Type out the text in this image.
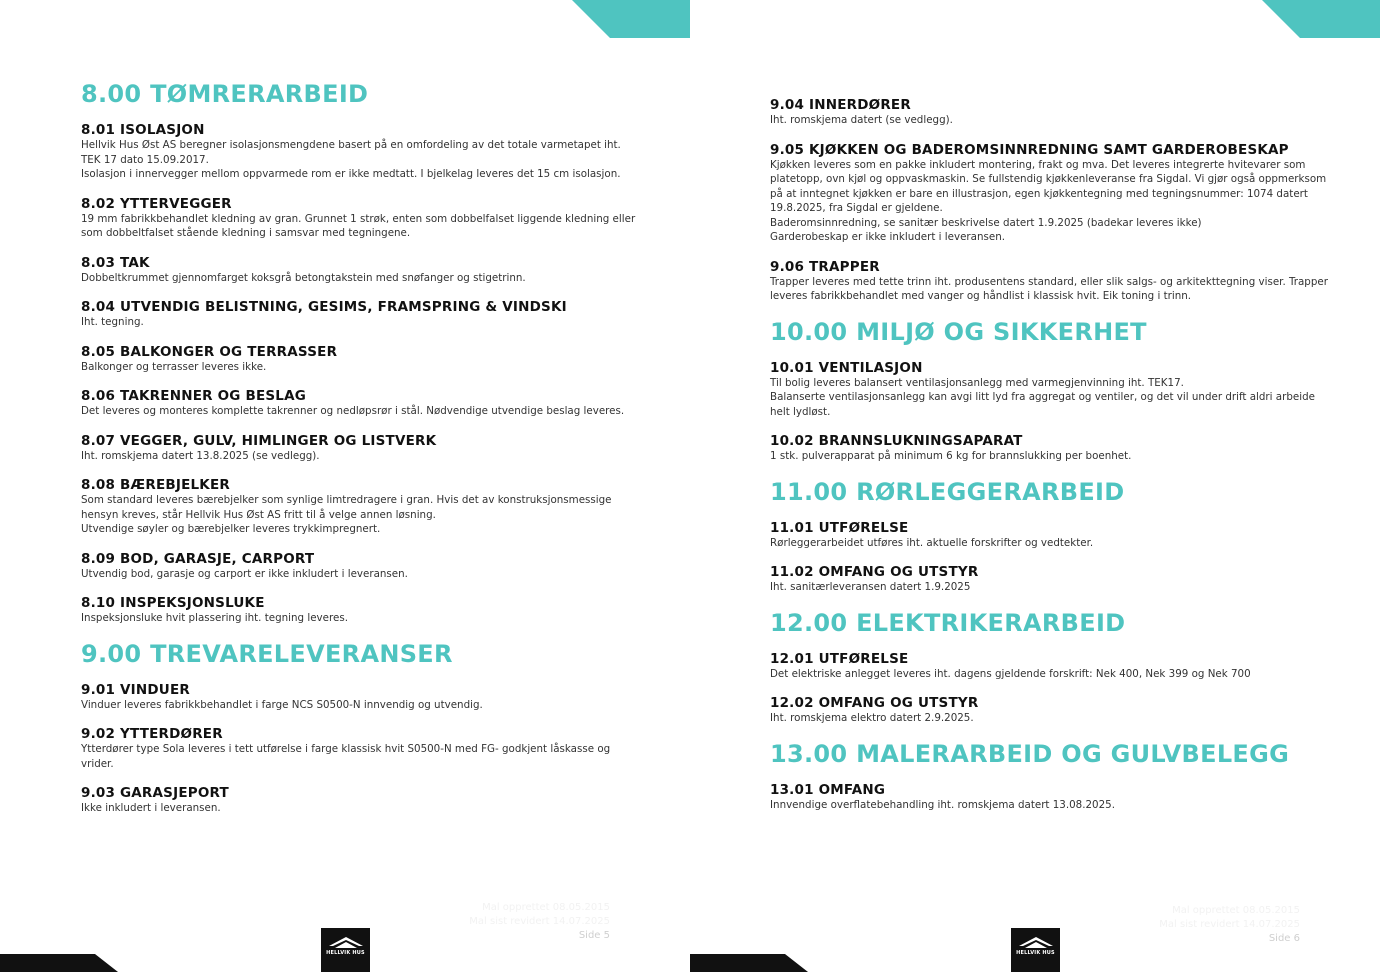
8.00 TØMRERARBEID
8.01 ISOLASJON
Hellvik Hus Øst AS beregner isolasjonsmengdene basert på en omfordeling av det totale varmetapet iht. TEK 17 dato 15.09.2017.
Isolasjon i innervegger mellom oppvarmede rom er ikke medtatt. I bjelkelag leveres det 15 cm isolasjon.
8.02 YTTERVEGGER
19 mm fabrikkbehandlet kledning av gran. Grunnet 1 strøk, enten som dobbelfalset liggende kledning eller som dobbeltfalset stående kledning i samsvar med tegningene.
8.03 TAK
Dobbeltkrummet gjennomfarget koksgrå betongtakstein med snøfanger og stigetrinn.
8.04 UTVENDIG BELISTNING, GESIMS, FRAMSPRING & VINDSKI
Iht. tegning.
8.05 BALKONGER OG TERRASSER
Balkonger og terrasser leveres ikke.
8.06 TAKRENNER OG BESLAG
Det leveres og monteres komplette takrenner og nedløpsrør i stål. Nødvendige utvendige beslag leveres.
8.07 VEGGER, GULV, HIMLINGER OG LISTVERK
Iht. romskjema datert 13.8.2025 (se vedlegg).
8.08 BÆREBJELKER
Som standard leveres bærebjelker som synlige limtredragere i gran. Hvis det av konstruksjonsmessige hensyn kreves, står Hellvik Hus Øst AS fritt til å velge annen løsning.
Utvendige søyler og bærebjelker leveres trykkimpregnert.
8.09 BOD, GARASJE, CARPORT
Utvendig bod, garasje og carport er ikke inkludert i leveransen.
8.10 INSPEKSJONSLUKE
Inspeksjonsluke hvit plassering iht. tegning leveres.
9.00 TREVARELEVERANSER
9.01 VINDUER
Vinduer leveres fabrikkbehandlet i farge NCS S0500-N innvendig og utvendig.
9.02 YTTERDØRER
Ytterdører type Sola leveres i tett utførelse i farge klassisk hvit S0500-N med FG- godkjent låskasse og vrider.
9.03 GARASJEPORT
Ikke inkludert i leveransen.
Mal opprettet 08.05.2015
Mal sist revidert 14.07.2025
Side 5
HELLVIK HUS
9.04 INNERDØRER
Iht. romskjema datert (se vedlegg).
9.05 KJØKKEN OG BADEROMSINNREDNING SAMT GARDEROBESKAP
Kjøkken leveres som en pakke inkludert montering, frakt og mva. Det leveres integrerte hvitevarer som platetopp, ovn kjøl og oppvaskmaskin. Se fullstendig kjøkkenleveranse fra Sigdal. Vi gjør også oppmerksom på at inntegnet kjøkken er bare en illustrasjon, egen kjøkkentegning med tegningsnummer: 1074 datert 19.8.2025, fra Sigdal er gjeldene.
Baderomsinnredning, se sanitær beskrivelse datert 1.9.2025 (badekar leveres ikke)
Garderobeskap er ikke inkludert i leveransen.
9.06 TRAPPER
Trapper leveres med tette trinn iht. produsentens standard, eller slik salgs- og arkitekttegning viser. Trapper leveres fabrikkbehandlet med vanger og håndlist i klassisk hvit. Eik toning i trinn.
10.00 MILJØ OG SIKKERHET
10.01 VENTILASJON
Til bolig leveres balansert ventilasjonsanlegg med varmegjenvinning iht. TEK17.
Balanserte ventilasjonsanlegg kan avgi litt lyd fra aggregat og ventiler, og det vil under drift aldri arbeide helt lydløst.
10.02 BRANNSLUKNINGSAPARAT
1 stk. pulverapparat på minimum 6 kg for brannslukking per boenhet.
11.00 RØRLEGGERARBEID
11.01 UTFØRELSE
Rørleggerarbeidet utføres iht. aktuelle forskrifter og vedtekter.
11.02 OMFANG OG UTSTYR
Iht. sanitærleveransen datert 1.9.2025
12.00 ELEKTRIKERARBEID
12.01 UTFØRELSE
Det elektriske anlegget leveres iht. dagens gjeldende forskrift: Nek 400, Nek 399 og Nek 700
12.02 OMFANG OG UTSTYR
Iht. romskjema elektro datert 2.9.2025.
13.00 MALERARBEID OG GULVBELEGG
13.01 OMFANG
Innvendige overflatebehandling iht. romskjema datert 13.08.2025.
Mal opprettet 08.05.2015
Mal sist revidert 14.07.2025
Side 6
HELLVIK HUS
